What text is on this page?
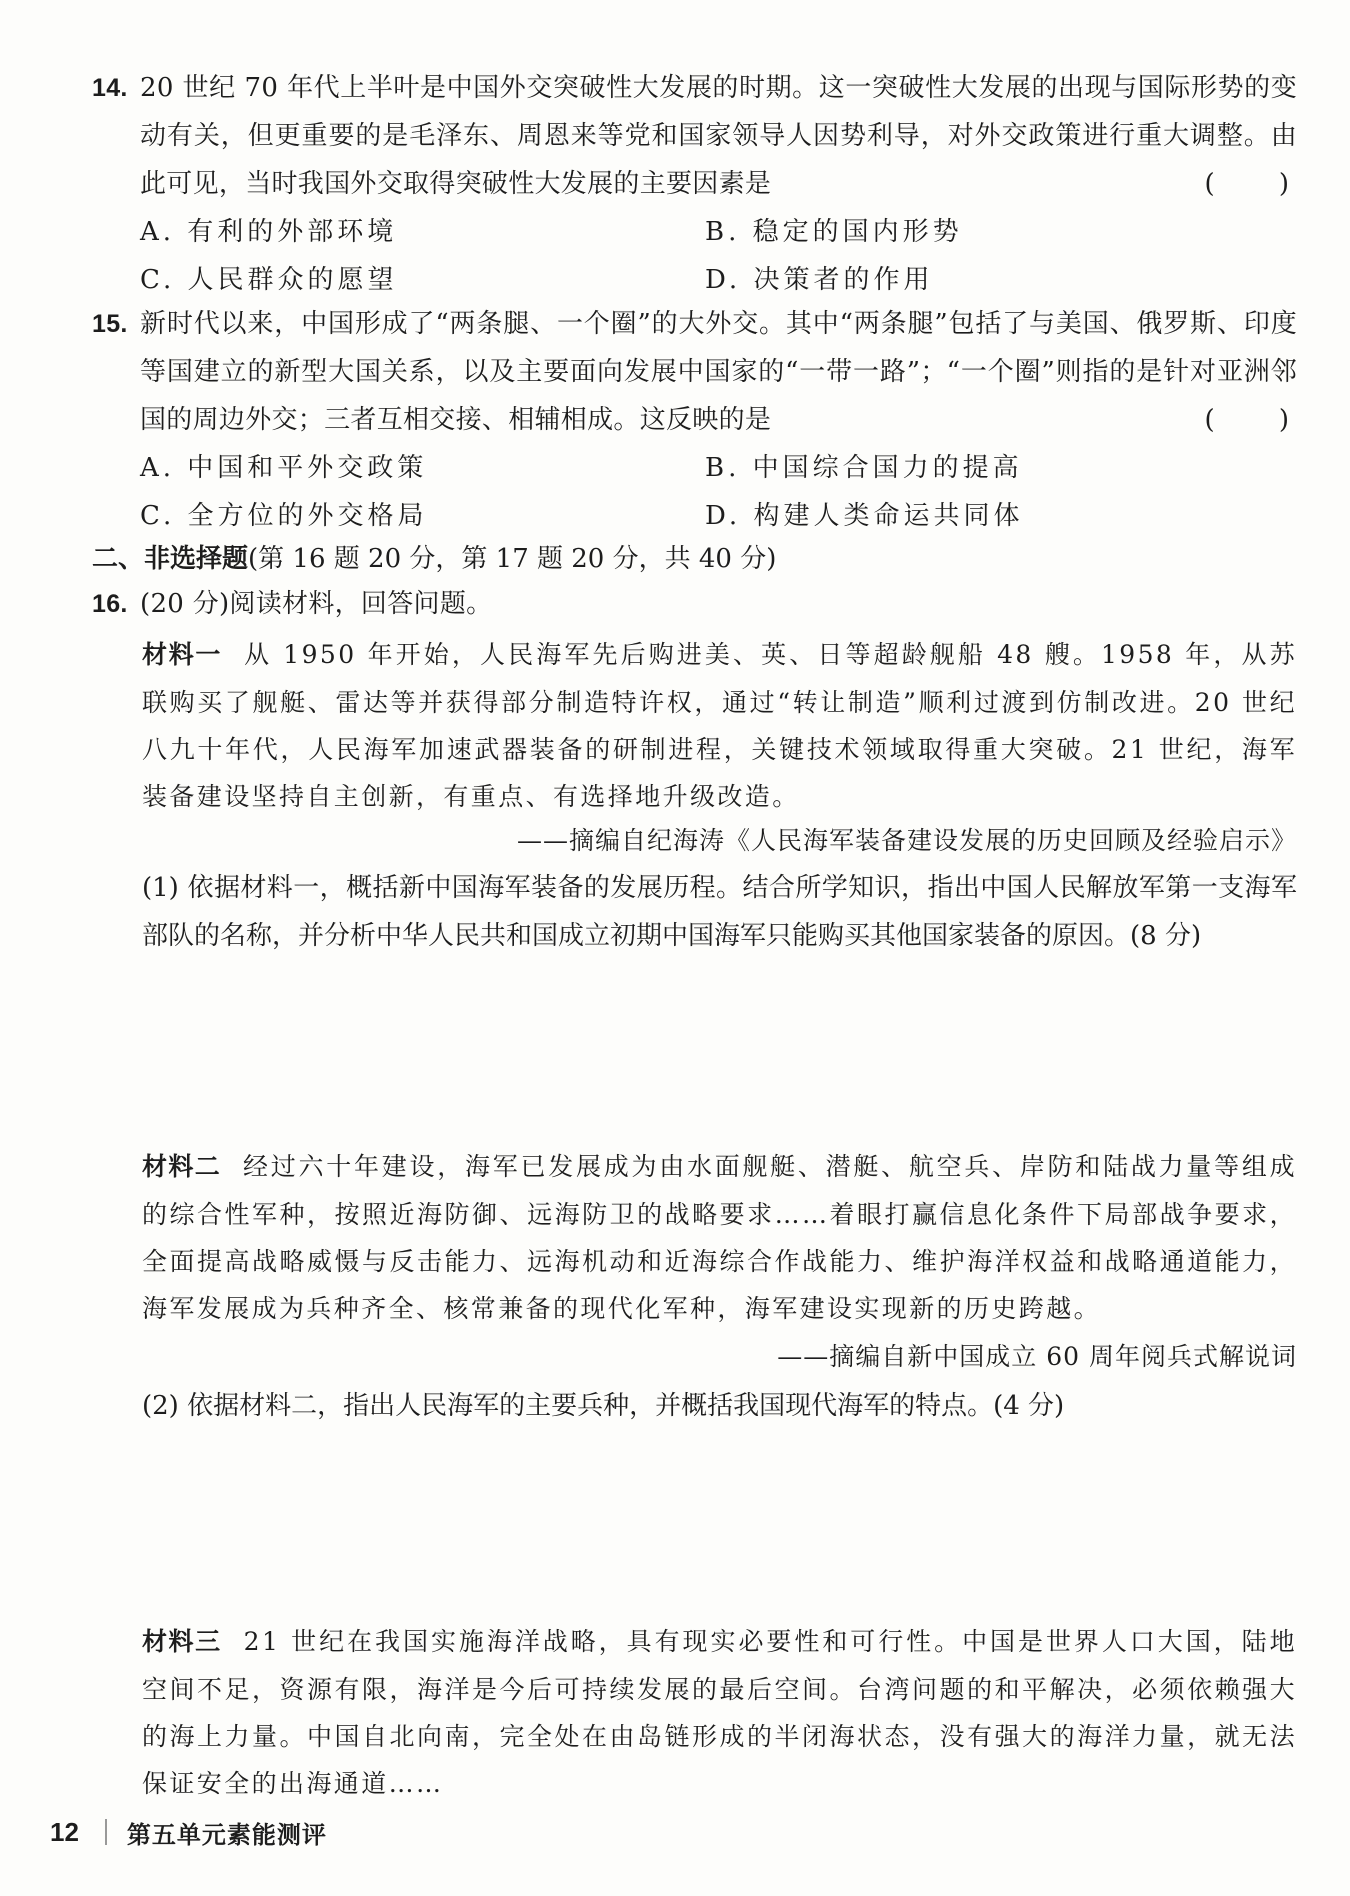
14. 20 世纪 70 年代上半叶是中国外交突破性大发展的时期。这一突破性大发展的出现与国际形势的变动有关，但更重要的是毛泽东、周恩来等党和国家领导人因势利导，对外交政策进行重大调整。由此可见，当时我国外交取得突破性大发展的主要因素是	( )
A. 有利的外部环境	B. 稳定的国内形势
C. 人民群众的愿望	D. 决策者的作用
15. 新时代以来，中国形成了“两条腿、一个圈”的大外交。其中“两条腿”包括了与美国、俄罗斯、印度等国建立的新型大国关系，以及主要面向发展中国家的“一带一路”；“一个圈”则指的是针对亚洲邻国的周边外交；三者互相交接、相辅相成。这反映的是	( )
A. 中国和平外交政策	B. 中国综合国力的提高
C. 全方位的外交格局	D. 构建人类命运共同体
二、非选择题(第 16 题 20 分，第 17 题 20 分，共 40 分)
16. (20 分)阅读材料，回答问题。
材料一 从 1950 年开始，人民海军先后购进美、英、日等超龄舰船 48 艘。1958 年，从苏联购买了舰艇、雷达等并获得部分制造特许权，通过“转让制造”顺利过渡到仿制改进。20 世纪八九十年代，人民海军加速武器装备的研制进程，关键技术领域取得重大突破。21 世纪，海军装备建设坚持自主创新，有重点、有选择地升级改造。
——摘编自纪海涛《人民海军装备建设发展的历史回顾及经验启示》
(1) 依据材料一，概括新中国海军装备的发展历程。结合所学知识，指出中国人民解放军第一支海军部队的名称，并分析中华人民共和国成立初期中国海军只能购买其他国家装备的原因。(8 分)
材料二 经过六十年建设，海军已发展成为由水面舰艇、潜艇、航空兵、岸防和陆战力量等组成的综合性军种，按照近海防御、远海防卫的战略要求……着眼打赢信息化条件下局部战争要求，全面提高战略威慑与反击能力、远海机动和近海综合作战能力、维护海洋权益和战略通道能力，海军发展成为兵种齐全、核常兼备的现代化军种，海军建设实现新的历史跨越。
——摘编自新中国成立 60 周年阅兵式解说词
(2) 依据材料二，指出人民海军的主要兵种，并概括我国现代海军的特点。(4 分)
材料三 21 世纪在我国实施海洋战略，具有现实必要性和可行性。中国是世界人口大国，陆地空间不足，资源有限，海洋是今后可持续发展的最后空间。台湾问题的和平解决，必须依赖强大的海上力量。中国自北向南，完全处在由岛链形成的半闭海状态，没有强大的海洋力量，就无法保证安全的出海通道……
12 第五单元素能测评
